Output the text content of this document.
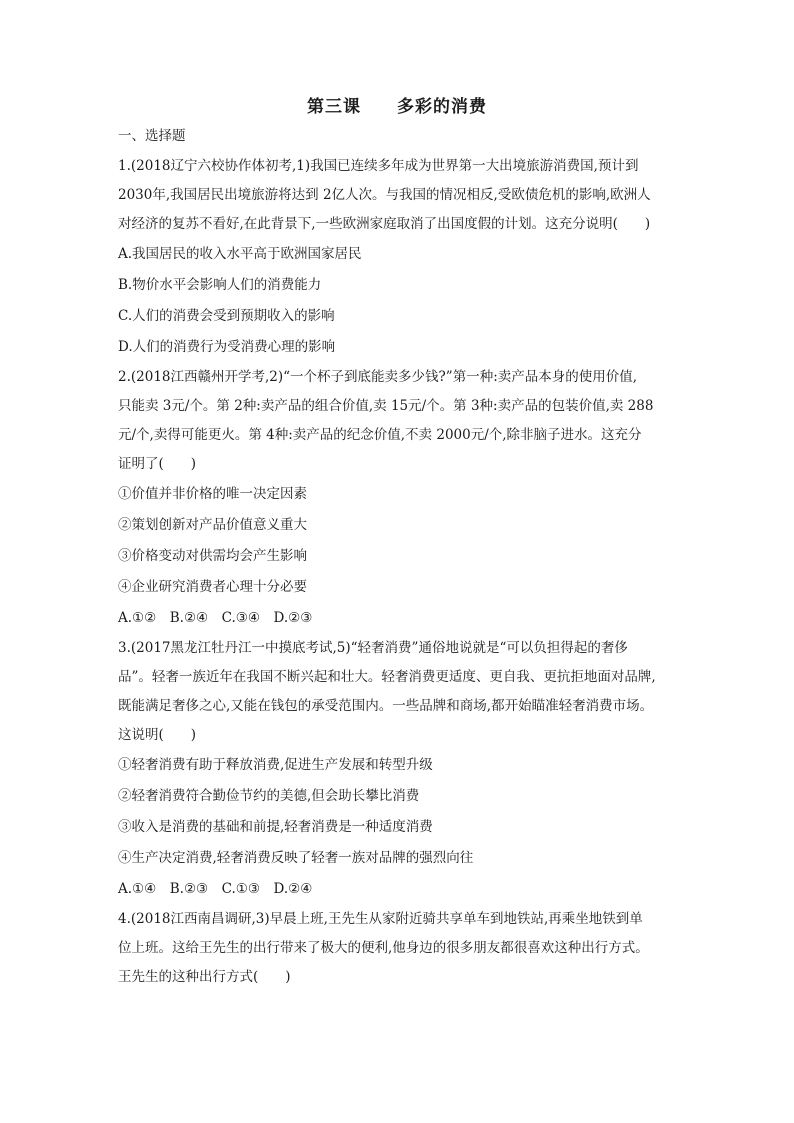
第三课　　多彩的消费
一、选择题
1.(2018辽宁六校协作体初考,1)我国已连续多年成为世界第一大出境旅游消费国,预计到
2030年,我国居民出境旅游将达到 2亿人次。与我国的情况相反,受欧债危机的影响,欧洲人
对经济的复苏不看好,在此背景下,一些欧洲家庭取消了出国度假的计划。这充分说明(　　)
A.我国居民的收入水平高于欧洲国家居民
B.物价水平会影响人们的消费能力
C.人们的消费会受到预期收入的影响
D.人们的消费行为受消费心理的影响
2.(2018江西赣州开学考,2)“一个杯子到底能卖多少钱?”第一种:卖产品本身的使用价值,
只能卖 3元/个。第 2种:卖产品的组合价值,卖 15元/个。第 3种:卖产品的包装价值,卖 288
元/个,卖得可能更火。第 4种:卖产品的纪念价值,不卖 2000元/个,除非脑子进水。这充分
证明了(　　)
①价值并非价格的唯一决定因素
②策划创新对产品价值意义重大
③价格变动对供需均会产生影响
④企业研究消费者心理十分必要
A.①②　B.②④　C.③④　D.②③
3.(2017黑龙江牡丹江一中摸底考试,5)“轻奢消费”通俗地说就是“可以负担得起的奢侈
品”。轻奢一族近年在我国不断兴起和壮大。轻奢消费更适度、更自我、更抗拒地面对品牌,
既能满足奢侈之心,又能在钱包的承受范围内。一些品牌和商场,都开始瞄准轻奢消费市场。
这说明(　　)
①轻奢消费有助于释放消费,促进生产发展和转型升级
②轻奢消费符合勤俭节约的美德,但会助长攀比消费
③收入是消费的基础和前提,轻奢消费是一种适度消费
④生产决定消费,轻奢消费反映了轻奢一族对品牌的强烈向往
A.①④　B.②③　C.①③　D.②④
4.(2018江西南昌调研,3)早晨上班,王先生从家附近骑共享单车到地铁站,再乘坐地铁到单
位上班。这给王先生的出行带来了极大的便利,他身边的很多朋友都很喜欢这种出行方式。
王先生的这种出行方式(　　)
